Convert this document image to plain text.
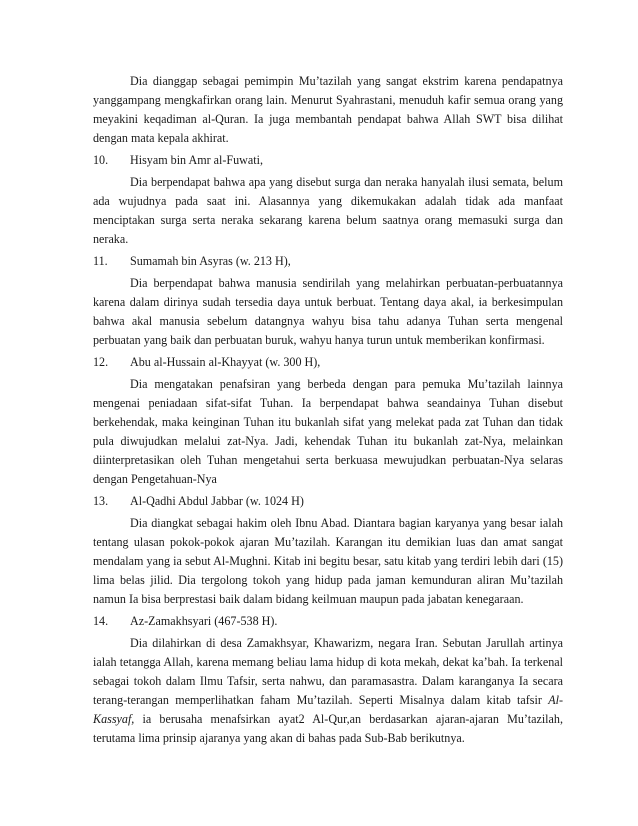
Dia dianggap sebagai pemimpin Mu’tazilah yang sangat ekstrim karena pendapatnya yanggampang mengkafirkan orang lain. Menurut Syahrastani, menuduh kafir semua orang yang meyakini keqadiman al-Quran. Ia juga membantah pendapat bahwa Allah SWT bisa dilihat dengan mata kepala akhirat.

10.	Hisyam bin Amr al-Fuwati,

Dia berpendapat bahwa apa yang disebut surga dan neraka hanyalah ilusi semata, belum ada wujudnya pada saat ini. Alasannya yang dikemukakan adalah tidak ada manfaat menciptakan surga serta neraka sekarang karena belum saatnya orang memasuki surga dan neraka.

11.	Sumamah bin Asyras (w. 213 H),

Dia berpendapat bahwa manusia sendirilah yang melahirkan perbuatan-perbuatannya karena dalam dirinya sudah tersedia daya untuk berbuat. Tentang daya akal, ia berkesimpulan bahwa akal manusia sebelum datangnya wahyu bisa tahu adanya Tuhan serta mengenal perbuatan yang baik dan perbuatan buruk, wahyu hanya turun untuk memberikan konfirmasi.

12.	Abu al-Hussain al-Khayyat (w. 300 H),

Dia mengatakan penafsiran yang berbeda dengan para pemuka Mu’tazilah lainnya mengenai peniadaan sifat-sifat Tuhan. Ia berpendapat bahwa seandainya Tuhan disebut berkehendak, maka keinginan Tuhan itu bukanlah sifat yang melekat pada zat Tuhan dan tidak pula diwujudkan melalui zat-Nya. Jadi, kehendak Tuhan itu bukanlah zat-Nya, melainkan diinterpretasikan oleh Tuhan mengetahui serta berkuasa mewujudkan perbuatan-Nya selaras dengan Pengetahuan-Nya

13.	Al-Qadhi Abdul Jabbar (w. 1024 H)

Dia diangkat sebagai hakim oleh Ibnu Abad. Diantara bagian karyanya yang besar ialah tentang ulasan pokok-pokok ajaran Mu’tazilah. Karangan itu demikian luas dan amat sangat mendalam yang ia sebut Al-Mughni. Kitab ini begitu besar, satu kitab yang terdiri lebih dari (15) lima belas jilid. Dia tergolong tokoh yang hidup pada jaman kemunduran aliran Mu’tazilah namun Ia bisa berprestasi baik dalam bidang keilmuan maupun pada jabatan kenegaraan.

14.	Az-Zamakhsyari (467-538 H).

Dia dilahirkan di desa Zamakhsyar, Khawarizm, negara Iran. Sebutan Jarullah artinya ialah tetangga Allah, karena memang beliau lama hidup di kota mekah, dekat ka’bah. Ia terkenal sebagai tokoh dalam Ilmu Tafsir, serta nahwu, dan paramasastra. Dalam karanganya Ia secara terang-terangan memperlihatkan faham Mu’tazilah. Seperti Misalnya dalam kitab tafsir Al-Kassyaf, ia berusaha menafsirkan ayat2 Al-Qur,an berdasarkan ajaran-ajaran Mu’tazilah, terutama lima prinsip ajaranya yang akan di bahas pada Sub-Bab berikutnya.
